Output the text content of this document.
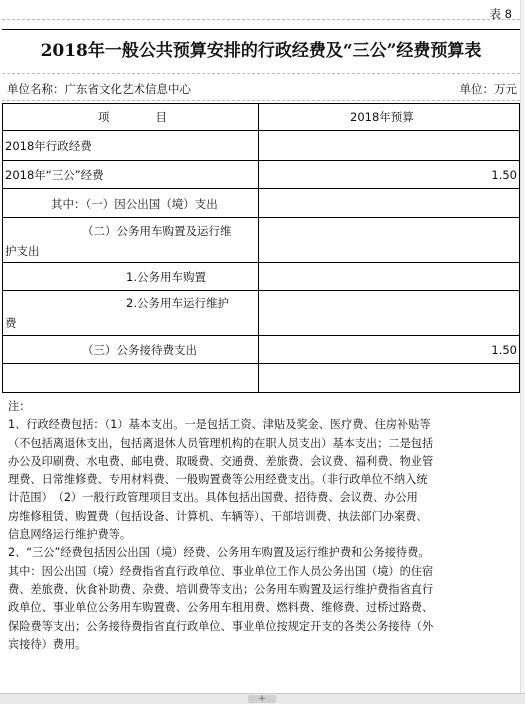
表 8
2018年一般公共预算安排的行政经费及“三公”经费预算表
单位名称：广东省文化艺术信息中心	单位：万元
项　　　　目	2018年预算
2018年行政经费
2018年“三公”经费	1.50
其中：（一）因公出国（境）支出
（二）公务用车购置及运行维
护支出
1.公务用车购置
2.公务用车运行维护
费
（三）公务接待费支出	1.50

注：

1、行政经费包括：（1）基本支出。一是包括工资、津贴及奖金、医疗费、住房补贴等

（不包括离退休支出，包括离退休人员管理机构的在职人员支出）基本支出；二是包括

办公及印刷费、水电费、邮电费、取暖费、交通费、差旅费、会议费、福利费、物业管

理费、日常维修费、专用材料费、一般购置费等公用经费支出。（非行政单位不纳入统

计范围）　（2）一般行政管理项目支出。具体包括出国费、招待费、会议费、办公用

房维修租赁、购置费（包括设备、计算机、车辆等）、干部培训费、执法部门办案费、

信息网络运行维护费等。

2、“三公”经费包括因公出国（境）经费、公务用车购置及运行维护费和公务接待费。

其中：因公出国（境）经费指省直行政单位、事业单位工作人员公务出国（境）的住宿

费、差旅费、伙食补助费、杂费、培训费等支出；公务用车购置及运行维护费指省直行

政单位、事业单位公务用车购置费、公务用车租用费、燃料费、维修费、过桥过路费、

保险费等支出；公务接待费指省直行政单位、事业单位按规定开支的各类公务接待（外

宾接待）费用。

+
